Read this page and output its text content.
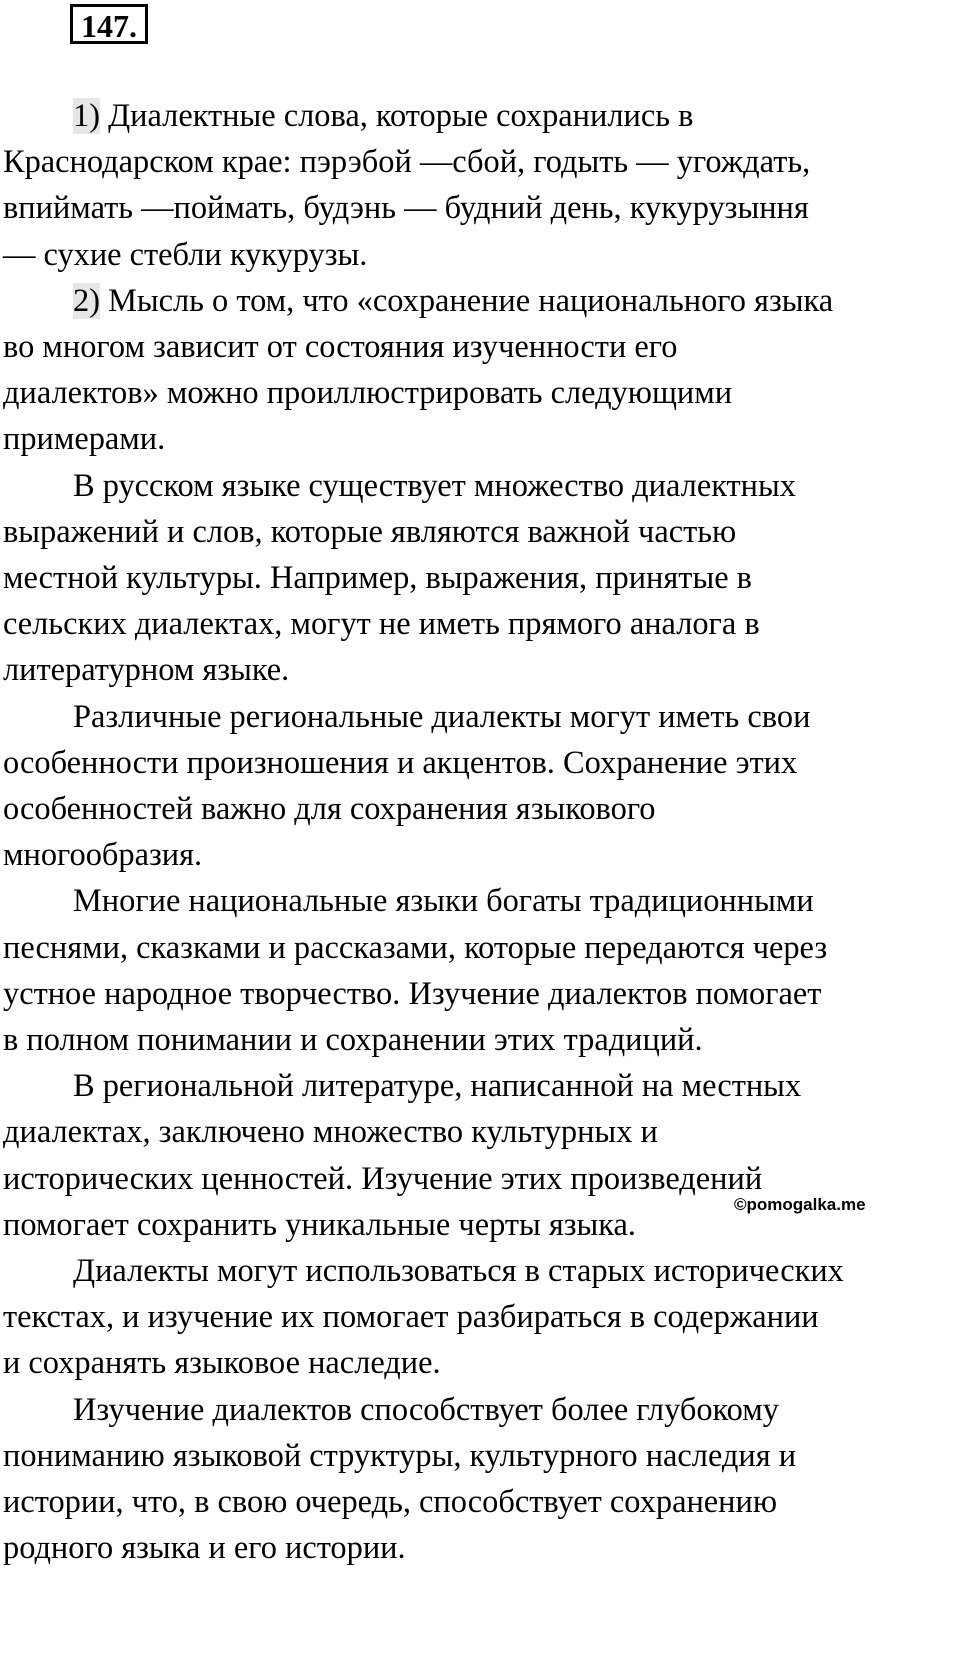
147.
1) Диалектные слова, которые сохранились в
Краснодарском крае: пэрэбой —сбой, годыть — угождать,
впиймать —поймать, будэнь — будний день, кукурузыння
— сухие стебли кукурузы.
2) Мысль о том, что «сохранение национального языка
во многом зависит от состояния изученности его
диалектов» можно проиллюстрировать следующими
примерами.
В русском языке существует множество диалектных
выражений и слов, которые являются важной частью
местной культуры. Например, выражения, принятые в
сельских диалектах, могут не иметь прямого аналога в
литературном языке.
Различные региональные диалекты могут иметь свои
особенности произношения и акцентов. Сохранение этих
особенностей важно для сохранения языкового
многообразия.
Многие национальные языки богаты традиционными
песнями, сказками и рассказами, которые передаются через
устное народное творчество. Изучение диалектов помогает
в полном понимании и сохранении этих традиций.
В региональной литературе, написанной на местных
диалектах, заключено множество культурных и
исторических ценностей. Изучение этих произведений
помогает сохранить уникальные черты языка.
Диалекты могут использоваться в старых исторических
текстах, и изучение их помогает разбираться в содержании
и сохранять языковое наследие.
Изучение диалектов способствует более глубокому
пониманию языковой структуры, культурного наследия и
истории, что, в свою очередь, способствует сохранению
родного языка и его истории.
©pomogalka.me
